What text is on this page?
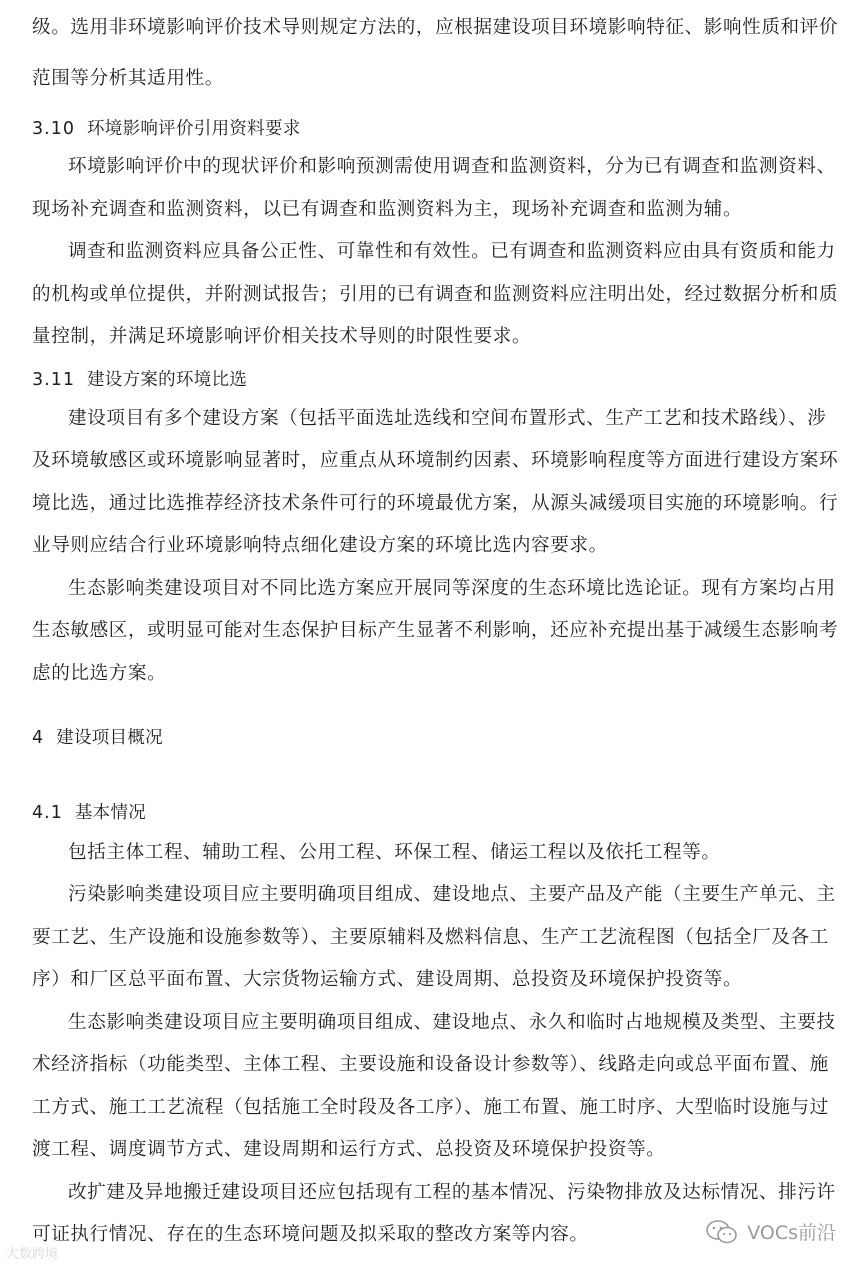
级。选用非环境影响评价技术导则规定方法的，应根据建设项目环境影响特征、影响性质和评价
范围等分析其适用性。
3.10 环境影响评价引用资料要求
环境影响评价中的现状评价和影响预测需使用调查和监测资料，分为已有调查和监测资料、
现场补充调查和监测资料，以已有调查和监测资料为主，现场补充调查和监测为辅。
调查和监测资料应具备公正性、可靠性和有效性。已有调查和监测资料应由具有资质和能力
的机构或单位提供，并附测试报告；引用的已有调查和监测资料应注明出处，经过数据分析和质
量控制，并满足环境影响评价相关技术导则的时限性要求。
3.11 建设方案的环境比选
建设项目有多个建设方案（包括平面选址选线和空间布置形式、生产工艺和技术路线）、涉
及环境敏感区或环境影响显著时，应重点从环境制约因素、环境影响程度等方面进行建设方案环
境比选，通过比选推荐经济技术条件可行的环境最优方案，从源头减缓项目实施的环境影响。行
业导则应结合行业环境影响特点细化建设方案的环境比选内容要求。
生态影响类建设项目对不同比选方案应开展同等深度的生态环境比选论证。现有方案均占用
生态敏感区，或明显可能对生态保护目标产生显著不利影响，还应补充提出基于减缓生态影响考
虑的比选方案。
4 建设项目概况
4.1 基本情况
包括主体工程、辅助工程、公用工程、环保工程、储运工程以及依托工程等。
污染影响类建设项目应主要明确项目组成、建设地点、主要产品及产能（主要生产单元、主
要工艺、生产设施和设施参数等）、主要原辅料及燃料信息、生产工艺流程图（包括全厂及各工
序）和厂区总平面布置、大宗货物运输方式、建设周期、总投资及环境保护投资等。
生态影响类建设项目应主要明确项目组成、建设地点、永久和临时占地规模及类型、主要技
术经济指标（功能类型、主体工程、主要设施和设备设计参数等）、线路走向或总平面布置、施
工方式、施工工艺流程（包括施工全时段及各工序）、施工布置、施工时序、大型临时设施与过
渡工程、调度调节方式、建设周期和运行方式、总投资及环境保护投资等。
改扩建及异地搬迁建设项目还应包括现有工程的基本情况、污染物排放及达标情况、排污许
可证执行情况、存在的生态环境问题及拟采取的整改方案等内容。	VOCs前沿
大数跨境
